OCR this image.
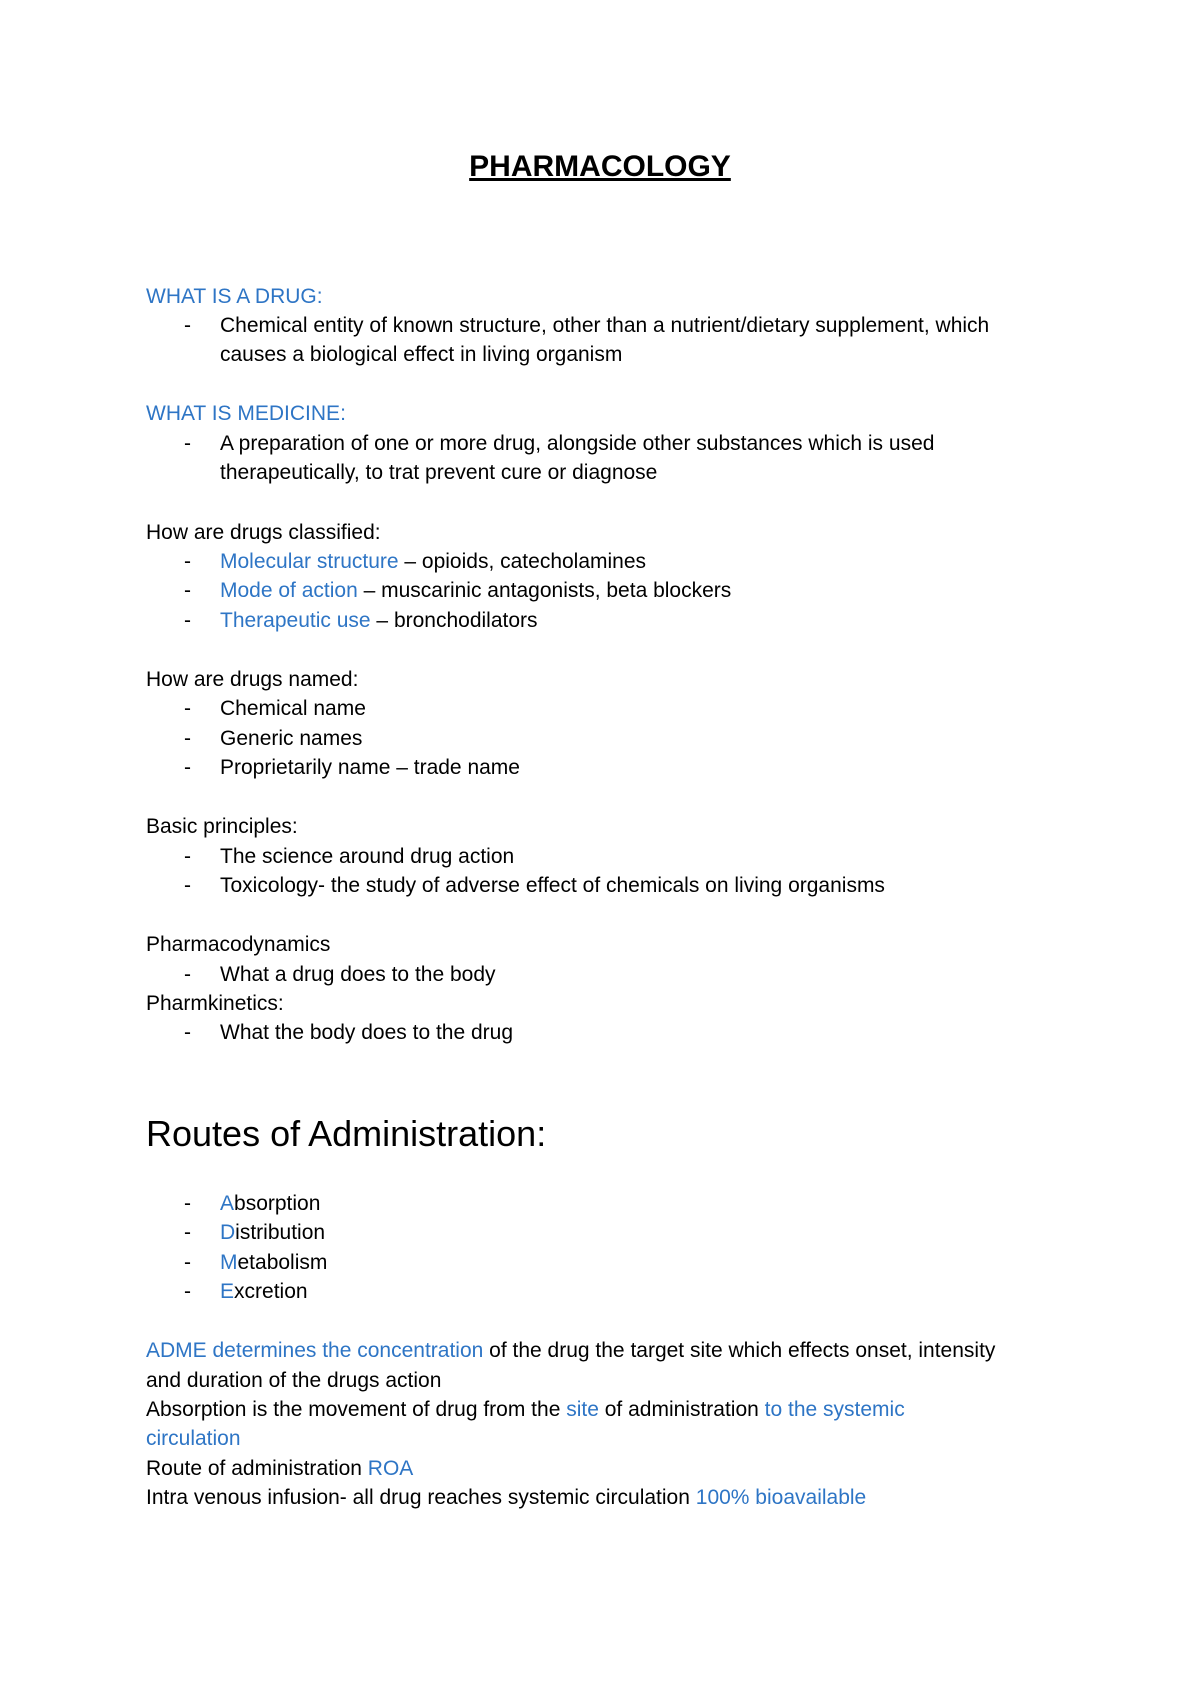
PHARMACOLOGY
WHAT IS A DRUG:
- Chemical entity of known structure, other than a nutrient/dietary supplement, which
causes a biological effect in living organism
WHAT IS MEDICINE:
- A preparation of one or more drug, alongside other substances which is used
therapeutically, to trat prevent cure or diagnose
How are drugs classified:
- Molecular structure – opioids, catecholamines
- Mode of action – muscarinic antagonists, beta blockers
- Therapeutic use – bronchodilators
How are drugs named:
- Chemical name
- Generic names
- Proprietarily name – trade name
Basic principles:
- The science around drug action
- Toxicology- the study of adverse effect of chemicals on living organisms
Pharmacodynamics
- What a drug does to the body
Pharmkinetics:
- What the body does to the drug
Routes of Administration:
- Absorption
- Distribution
- Metabolism
- Excretion
ADME determines the concentration of the drug the target site which effects onset, intensity
and duration of the drugs action
Absorption is the movement of drug from the site of administration to the systemic
circulation
Route of administration ROA
Intra venous infusion- all drug reaches systemic circulation 100% bioavailable
